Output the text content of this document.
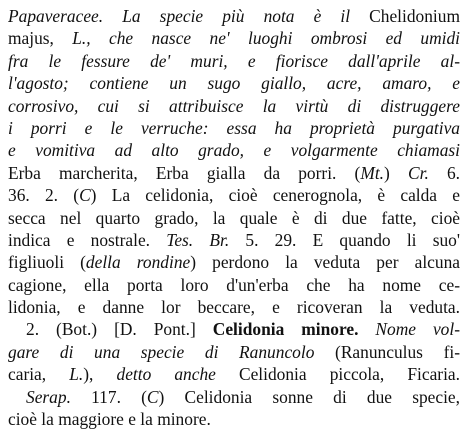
Papaveracee. La specie più nota è il Chelidonium
majus, L., che nasce ne' luoghi ombrosi ed umidi
fra le fessure de' muri, e fiorisce dall'aprile al-
l'agosto; contiene un sugo giallo, acre, amaro, e
corrosivo, cui si attribuisce la virtù di distruggere
i porri e le verruche: essa ha proprietà purgativa
e vomitiva ad alto grado, e volgarmente chiamasi
Erba marcherita, Erba gialla da porri. (Mt.) Cr. 6.
36. 2. (C) La celidonia, cioè cenerognola, è calda e
secca nel quarto grado, la quale è di due fatte, cioè
indica e nostrale. Tes. Br. 5. 29. E quando li suo'
figliuoli (della rondine) perdono la veduta per alcuna
cagione, ella porta loro d'un'erba che ha nome ce-
lidonia, e danne lor beccare, e ricoveran la veduta.
2. (Bot.) [D. Pont.] Celidonia minore. Nome vol-
gare di una specie di Ranuncolo (Ranunculus fi-
caria, L.), detto anche Celidonia piccola, Ficaria.
Serap. 117. (C) Celidonia sonne di due specie,
cioè la maggiore e la minore.
